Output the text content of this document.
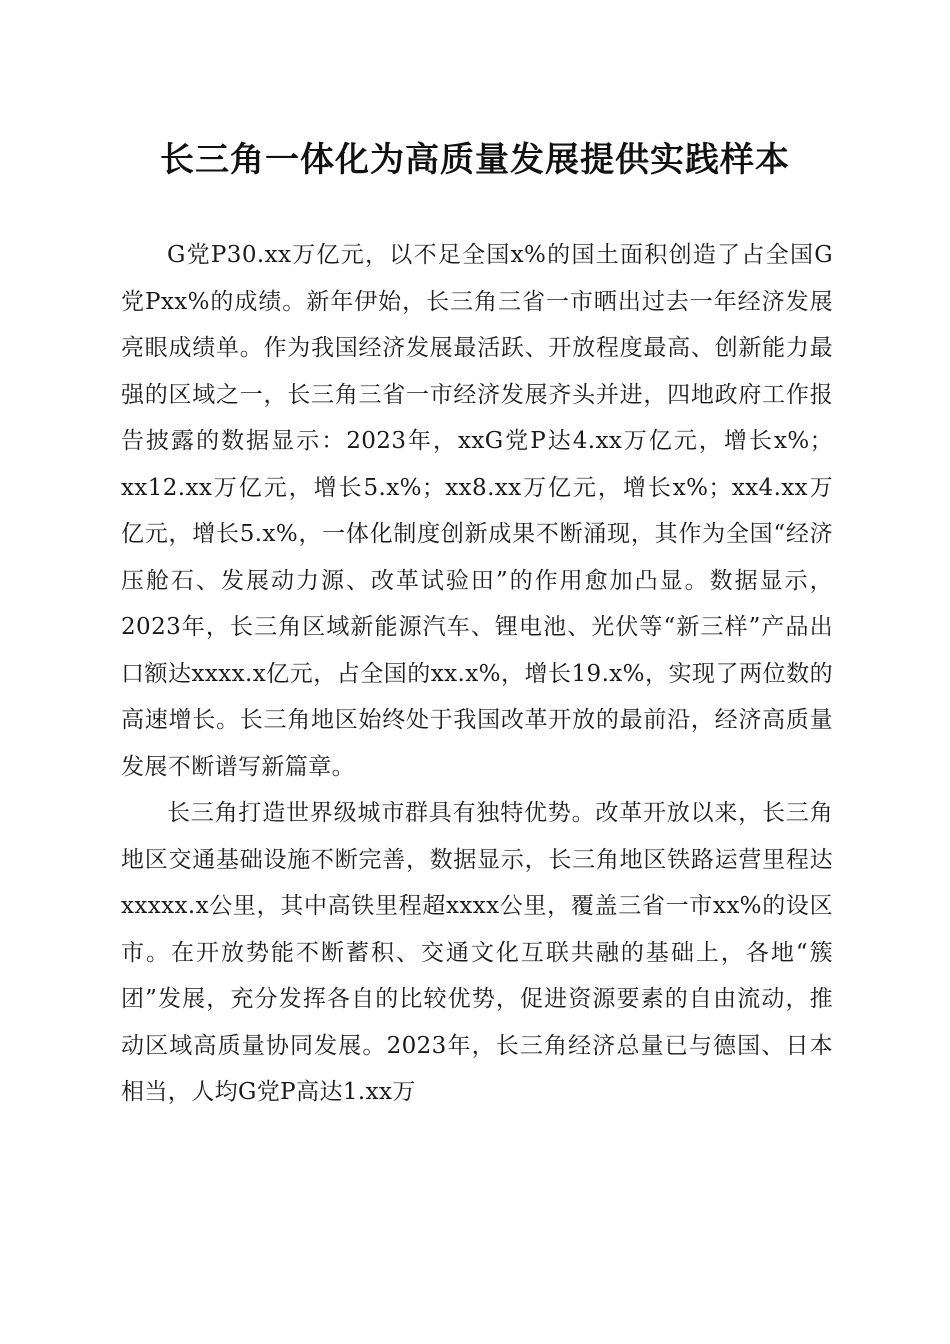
长三角一体化为高质量发展提供实践样本

G党P30.xx万亿元，以不足全国x%的国土面积创造了占全国G党Pxx%的成绩。新年伊始，长三角三省一市晒出过去一年经济发展亮眼成绩单。作为我国经济发展最活跃、开放程度最高、创新能力最强的区域之一，长三角三省一市经济发展齐头并进，四地政府工作报告披露的数据显示：2023年，xxG党P达4.xx万亿元，增长x%；xx12.xx万亿元，增长5.x%；xx8.xx万亿元，增长x%；xx4.xx万亿元，增长5.x%，一体化制度创新成果不断涌现，其作为全国“经济压舱石、发展动力源、改革试验田”的作用愈加凸显。数据显示，2023年，长三角区域新能源汽车、锂电池、光伏等“新三样”产品出口额达xxxx.x亿元，占全国的xx.x%，增长19.x%，实现了两位数的高速增长。长三角地区始终处于我国改革开放的最前沿，经济高质量发展不断谱写新篇章。

长三角打造世界级城市群具有独特优势。改革开放以来，长三角地区交通基础设施不断完善，数据显示，长三角地区铁路运营里程达xxxxx.x公里，其中高铁里程超xxxx公里，覆盖三省一市xx%的设区市。在开放势能不断蓄积、交通文化互联共融的基础上，各地“簇团”发展，充分发挥各自的比较优势，促进资源要素的自由流动，推动区域高质量协同发展。2023年，长三角经济总量已与德国、日本相当，人均G党P高达1.xx万
